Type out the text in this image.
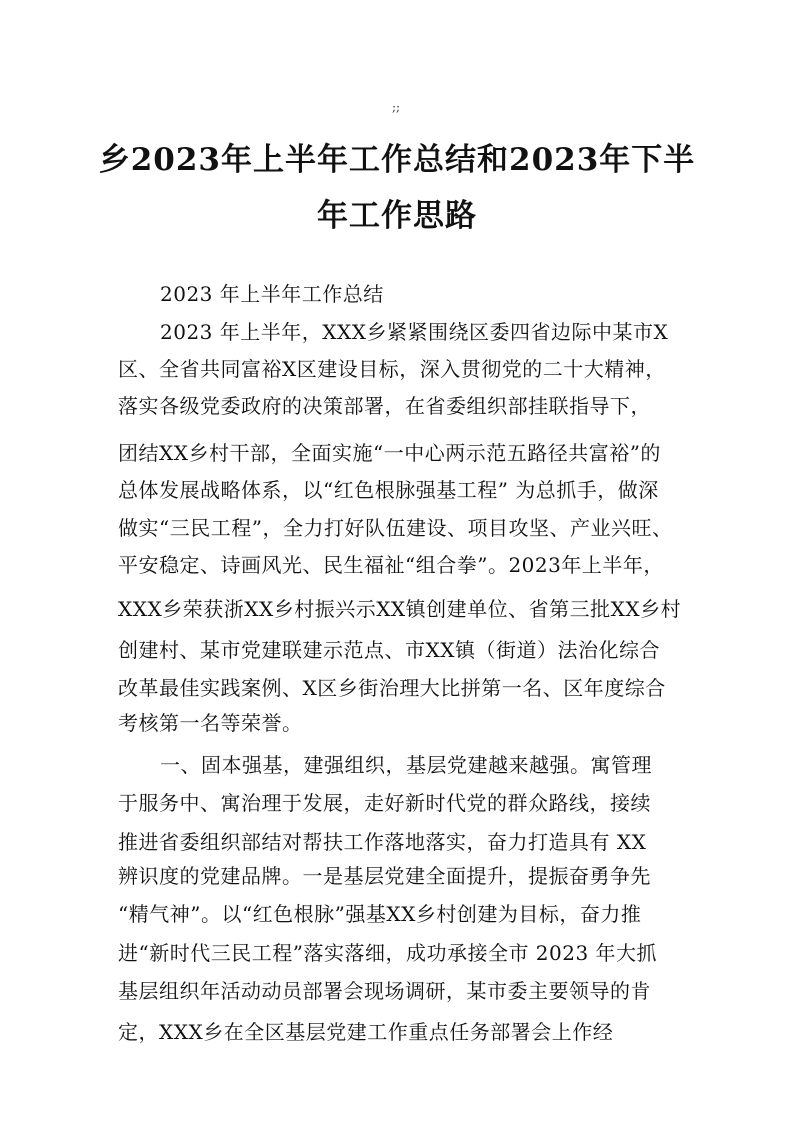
;;
乡2023年上半年工作总结和2023年下半
年工作思路
2023 年上半年工作总结
2023 年上半年，XXX乡紧紧围绕区委四省边际中某市X
区、全省共同富裕X区建设目标，深入贯彻党的二十大精神，
落实各级党委政府的决策部署，在省委组织部挂联指导下，
团结XX乡村干部，全面实施“一中心两示范五路径共富裕”的
总体发展战略体系，以“红色根脉强基工程” 为总抓手，做深
做实“三民工程”，全力打好队伍建设、项目攻坚、产业兴旺、
平安稳定、诗画风光、民生福祉“组合拳”。2023年上半年，
XXX乡荣获浙XX乡村振兴示XX镇创建单位、省第三批XX乡村
创建村、某市党建联建示范点、市XX镇（街道）法治化综合
改革最佳实践案例、X区乡街治理大比拼第一名、区年度综合
考核第一名等荣誉。
一、固本强基，建强组织，基层党建越来越强。寓管理
于服务中、寓治理于发展，走好新时代党的群众路线，接续
推进省委组织部结对帮扶工作落地落实，奋力打造具有 XX
辨识度的党建品牌。一是基层党建全面提升，提振奋勇争先
“精气神”。以“红色根脉”强基XX乡村创建为目标，奋力推
进“新时代三民工程”落实落细，成功承接全市 2023 年大抓
基层组织年活动动员部署会现场调研，某市委主要领导的肯
定，XXX乡在全区基层党建工作重点任务部署会上作经
